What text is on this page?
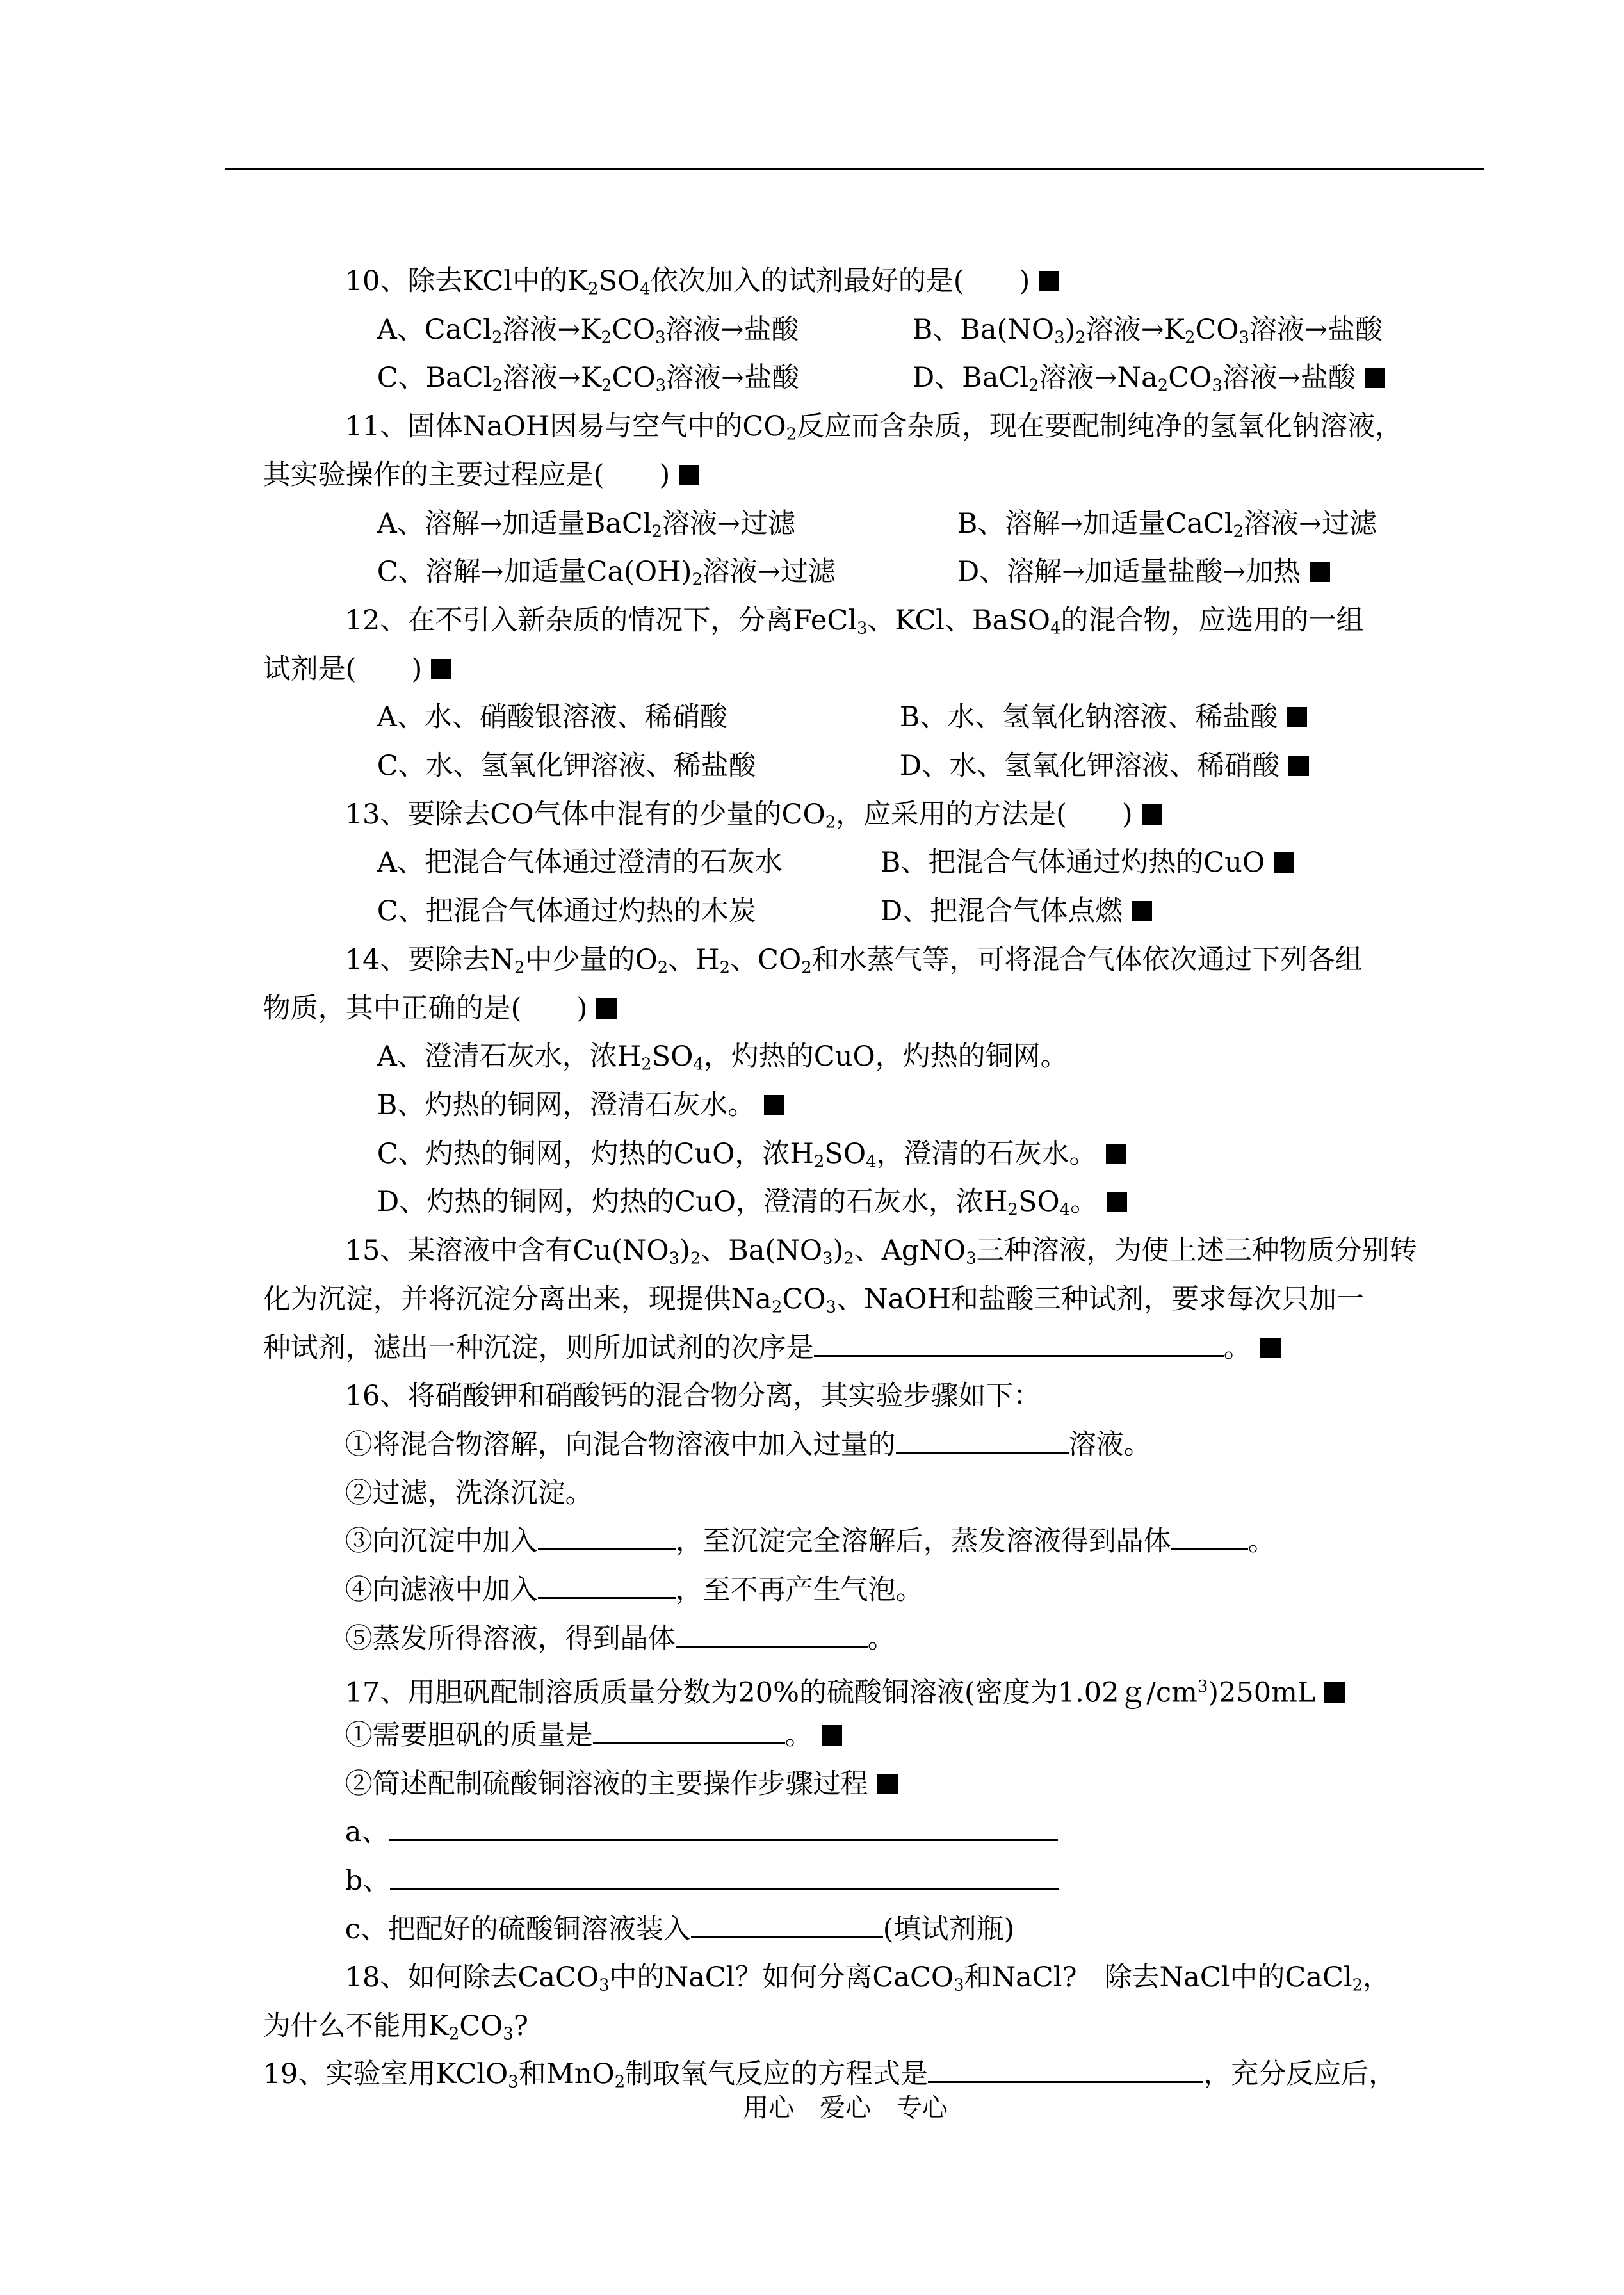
10、除去KCl中的$K_2SO_4$依次加入的试剂最好的是(　　)

A、CaCl$_2$溶液$\to K_2CO_3$溶液→盐酸
	B、$Ba(NO_3)_2$溶液$\to K_2CO_3$溶液→盐酸

C、BaCl$_2$溶液$\to K_2CO_3$溶液→盐酸
	D、BaCl$_2$溶液$\to Na_2CO_3$溶液→盐酸

11、固体NaOH因易与空气中的$CO_2$反应而含杂质，现在要配制纯净的氢氧化钠溶液，

其实验操作的主要过程应是(　　)

A、溶解→加适量BaCl$_2$溶液→过滤
	B、溶解→加适量CaCl$_2$溶液→过滤

C、溶解→加适量$Ca(OH)_2$溶液→过滤
	D、溶解→加适量盐酸→加热

12、在不引入新杂质的情况下，分离FeCl$_3$、KCl、BaSO$_4$的混合物，应选用的一组

试剂是(　　)

A、水、硝酸银溶液、稀硝酸
	B、水、氢氧化钠溶液、稀盐酸

C、水、氢氧化钾溶液、稀盐酸
	D、水、氢氧化钾溶液、稀硝酸

13、要除去CO气体中混有的少量的$CO_2$，应采用的方法是(　　)

A、把混合气体通过澄清的石灰水
	B、把混合气体通过灼热的CuO

C、把混合气体通过灼热的木炭
	D、把混合气体点燃

14、要除去$N_2$中少量的$O_2$、$H_2$、$CO_2$和水蒸气等，可将混合气体依次通过下列各组

物质，其中正确的是(　　)

A、澄清石灰水，浓$H_2SO_4$，灼热的CuO，灼热的铜网。

B、灼热的铜网，澄清石灰水。

C、灼热的铜网，灼热的CuO，浓$H_2SO_4$，澄清的石灰水。

D、灼热的铜网，灼热的CuO，澄清的石灰水，浓$H_2SO_4$。

15、某溶液中含有$Cu(NO_3)_2$、$Ba(NO_3)_2$、AgNO$_3$三种溶液，为使上述三种物质分别转

化为沉淀，并将沉淀分离出来，现提供$Na_2CO_3$、NaOH和盐酸三种试剂，要求每次只加一

种试剂，滤出一种沉淀，则所加试剂的次序是	。

16、将硝酸钾和硝酸钙的混合物分离，其实验步骤如下：

①将混合物溶解，向混合物溶液中加入过量的	溶液。

②过滤，洗涤沉淀。

③向沉淀中加入	，至沉淀完全溶解后，蒸发溶液得到晶体	。

④向滤液中加入	，至不再产生气泡。

⑤蒸发所得溶液，得到晶体	。

17、用胆矾配制溶质质量分数为20%的硫酸铜溶液(密度为$1.02g/cm^3)250mL$

①需要胆矾的质量是	。

②简述配制硫酸铜溶液的主要操作步骤过程

a、

b、

c、把配好的硫酸铜溶液装入	(填试剂瓶)

18、如何除去CaCO$_3$中的NaCl？如何分离CaCO$_3$和NaCl?　除去NaCl中的CaCl$_2$，

为什么不能用$K_2CO_3$?

19、实验室用KClO$_3$和MnO$_2$制取氧气反应的方程式是	，充分反应后，

用心　爱心　专心
